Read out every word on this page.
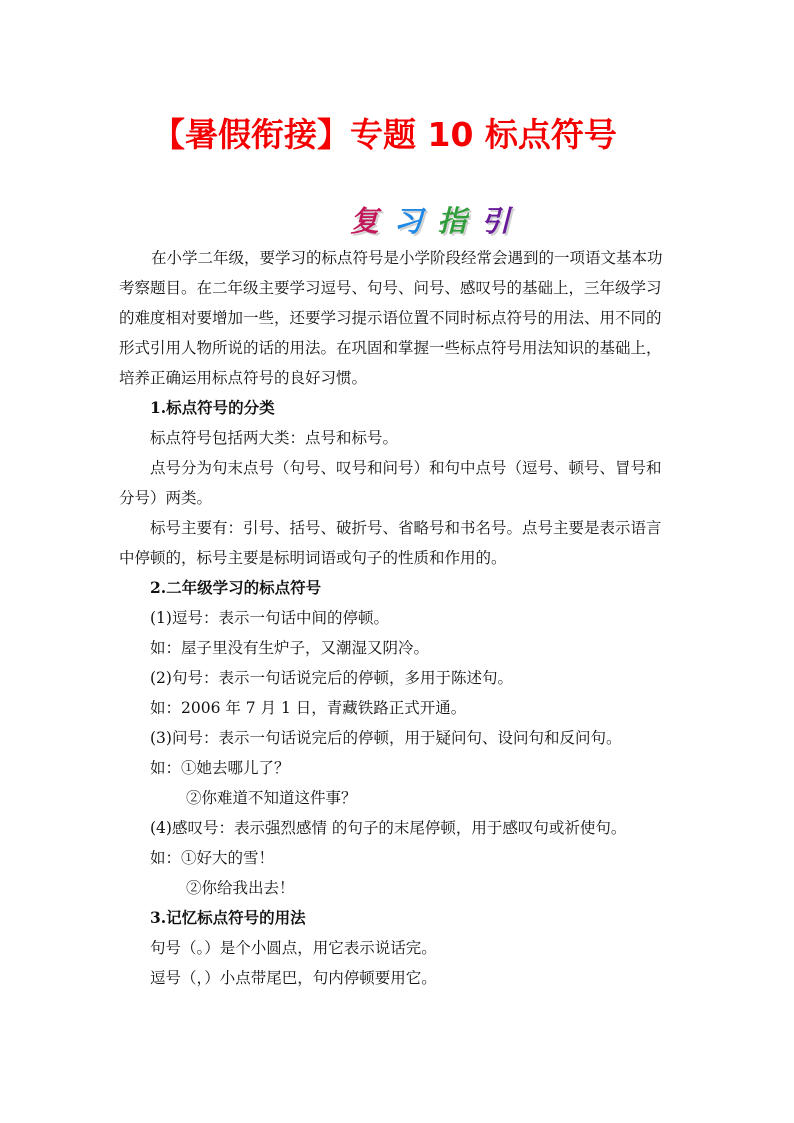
【暑假衔接】专题 10 标点符号
复 习 指 引
在小学二年级，要学习的标点符号是小学阶段经常会遇到的一项语文基本功
考察题目。在二年级主要学习逗号、句号、问号、感叹号的基础上，三年级学习
的难度相对要增加一些，还要学习提示语位置不同时标点符号的用法、用不同的
形式引用人物所说的话的用法。在巩固和掌握一些标点符号用法知识的基础上，
培养正确运用标点符号的良好习惯。
1.标点符号的分类
标点符号包括两大类：点号和标号。
点号分为句末点号（句号、叹号和问号）和句中点号（逗号、顿号、冒号和
分号）两类。
标号主要有：引号、括号、破折号、省略号和书名号。点号主要是表示语言
中停顿的，标号主要是标明词语或句子的性质和作用的。
2.二年级学习的标点符号
(1)逗号：表示一句话中间的停顿。
如：屋子里没有生炉子，又潮湿又阴冷。
(2)句号：表示一句话说完后的停顿，多用于陈述句。
如：2006 年 7 月 1 日，青藏铁路正式开通。
(3)问号：表示一句话说完后的停顿，用于疑问句、设问句和反问句。
如：①她去哪儿了？
②你难道不知道这件事？
(4)感叹号：表示强烈感情 的句子的末尾停顿，用于感叹句或祈使句。
如：①好大的雪！
②你给我出去！
3.记忆标点符号的用法
句号（。）是个小圆点，用它表示说话完。
逗号（，）小点带尾巴，句内停顿要用它。
